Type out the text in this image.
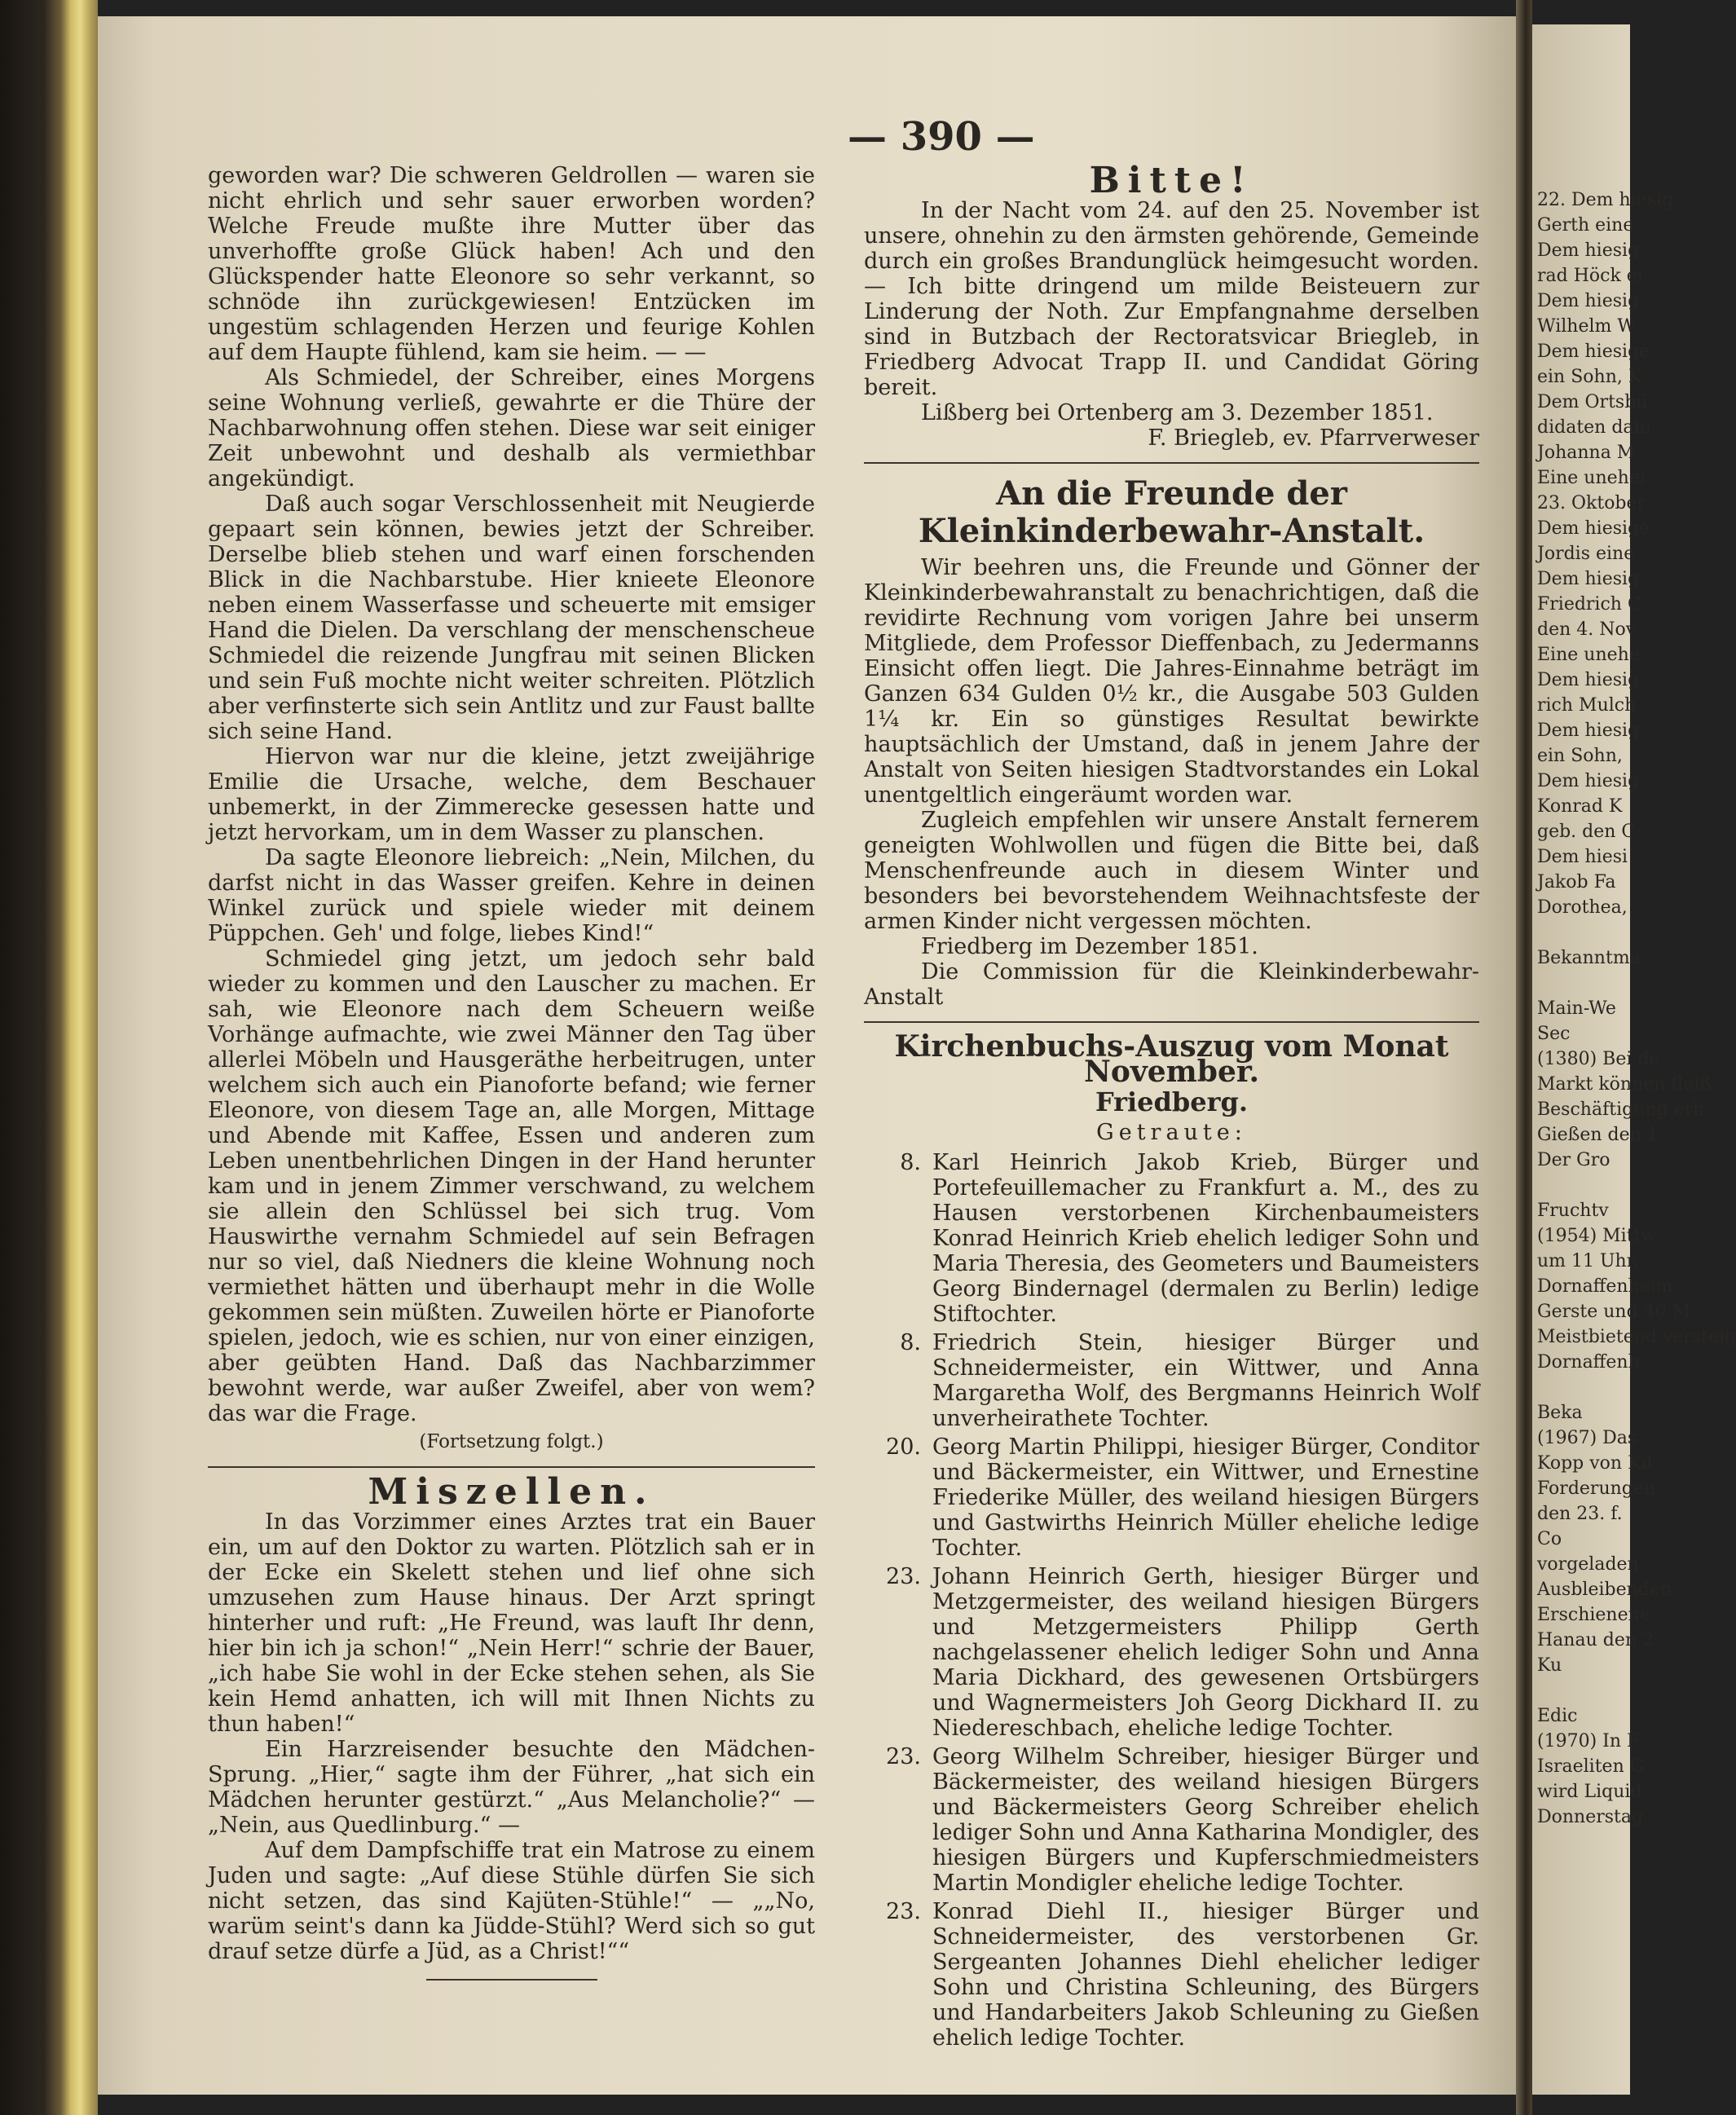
22. Dem hiesig
Gerth eine
Dem hiesig
rad Höck ei
Dem hiesig
Wilhelm W
Dem hiesige
ein Sohn, K
Dem Ortsbü
didaten dahi
Johanna M
Eine unehel
23. Oktober
Dem hiesige
Jordis eine
Dem hiesig
Friedrich C
den 4. Nov
Eine unehe
Dem hiesig
rich Mulch
Dem hiesig
ein Sohn,
Dem hiesig
Konrad K
geb. den C
Dem hiesi
Jakob Fa
Dorothea,
Bekanntma
Main-We
Sec
(1380) Bei de
Markt können fleiß
Beschäftigung erh
Gießen den 1
Der Gro
Fruchtv
(1954) Mittw
um 11 Uhr,
Dornaffenheim
Gerste und 40 M
Meistbietend versteig
Dornaffenh
Beka
(1967) Das
Kopp von Kil
Forderungen
den 23. f.
Co
vorgeladen
Ausbleibenden
Erschienene
Hanau den 2
Ku
Edic
(1970) In F
Israeliten G
wird Liquid
Donnerstag
— 390 —

geworden war? Die schweren Geldrollen — waren sie nicht ehrlich und sehr sauer erworben worden? Welche Freude mußte ihre Mutter über das unverhoffte große Glück haben! Ach und den Glückspender hatte Eleonore so sehr verkannt, so schnöde ihn zurückgewiesen! Entzücken im ungestüm schlagenden Herzen und feurige Kohlen auf dem Haupte fühlend, kam sie heim. — —

Als Schmiedel, der Schreiber, eines Morgens seine Wohnung verließ, gewahrte er die Thüre der Nachbarwohnung offen stehen. Diese war seit einiger Zeit unbewohnt und deshalb als vermiethbar angekündigt.

Daß auch sogar Verschlossenheit mit Neugierde gepaart sein können, bewies jetzt der Schreiber. Derselbe blieb stehen und warf einen forschenden Blick in die Nachbarstube. Hier knieete Eleonore neben einem Wasserfasse und scheuerte mit emsiger Hand die Dielen. Da verschlang der menschenscheue Schmiedel die reizende Jungfrau mit seinen Blicken und sein Fuß mochte nicht weiter schreiten. Plötzlich aber verfinsterte sich sein Antlitz und zur Faust ballte sich seine Hand.

Hiervon war nur die kleine, jetzt zweijährige Emilie die Ursache, welche, dem Beschauer unbemerkt, in der Zimmerecke gesessen hatte und jetzt hervorkam, um in dem Wasser zu planschen.

Da sagte Eleonore liebreich: „Nein, Milchen, du darfst nicht in das Wasser greifen. Kehre in deinen Winkel zurück und spiele wieder mit deinem Püppchen. Geh' und folge, liebes Kind!“

Schmiedel ging jetzt, um jedoch sehr bald wieder zu kommen und den Lauscher zu machen. Er sah, wie Eleonore nach dem Scheuern weiße Vorhänge aufmachte, wie zwei Männer den Tag über allerlei Möbeln und Hausgeräthe herbeitrugen, unter welchem sich auch ein Pianoforte befand; wie ferner Eleonore, von diesem Tage an, alle Morgen, Mittage und Abende mit Kaffee, Essen und anderen zum Leben unentbehrlichen Dingen in der Hand herunter kam und in jenem Zimmer verschwand, zu welchem sie allein den Schlüssel bei sich trug. Vom Hauswirthe vernahm Schmiedel auf sein Befragen nur so viel, daß Niedners die kleine Wohnung noch vermiethet hätten und überhaupt mehr in die Wolle gekommen sein müßten. Zuweilen hörte er Pianoforte spielen, jedoch, wie es schien, nur von einer einzigen, aber geübten Hand. Daß das Nachbarzimmer bewohnt werde, war außer Zweifel, aber von wem? das war die Frage.

(Fortsetzung folgt.)
Miszellen.

In das Vorzimmer eines Arztes trat ein Bauer ein, um auf den Doktor zu warten. Plötzlich sah er in der Ecke ein Skelett stehen und lief ohne sich umzusehen zum Hause hinaus. Der Arzt springt hinterher und ruft: „He Freund, was lauft Ihr denn, hier bin ich ja schon!“ „Nein Herr!“ schrie der Bauer, „ich habe Sie wohl in der Ecke stehen sehen, als Sie kein Hemd anhatten, ich will mit Ihnen Nichts zu thun haben!“

Ein Harzreisender besuchte den Mädchen-Sprung. „Hier,“ sagte ihm der Führer, „hat sich ein Mädchen herunter gestürzt.“ „Aus Melancholie?“ — „Nein, aus Quedlinburg.“ —

Auf dem Dampfschiffe trat ein Matrose zu einem Juden und sagte: „Auf diese Stühle dürfen Sie sich nicht setzen, das sind Kajüten-Stühle!“ — „„No, warüm seint's dann ka Jüdde-Stühl? Werd sich so gut drauf setze dürfe a Jüd, as a Christ!““

Bitte!

In der Nacht vom 24. auf den 25. November ist unsere, ohnehin zu den ärmsten gehörende, Gemeinde durch ein großes Brandunglück heimgesucht worden. — Ich bitte dringend um milde Beisteuern zur Linderung der Noth. Zur Empfangnahme derselben sind in Butzbach der Rectoratsvicar Briegleb, in Friedberg Advocat Trapp II. und Candidat Göring bereit.

Lißberg bei Ortenberg am 3. Dezember 1851.

F. Briegleb, ev. Pfarrverweser

An die Freunde der Kleinkinderbewahr-Anstalt.

Wir beehren uns, die Freunde und Gönner der Kleinkinderbewahranstalt zu benachrichtigen, daß die revidirte Rechnung vom vorigen Jahre bei unserm Mitgliede, dem Professor Dieffenbach, zu Jedermanns Einsicht offen liegt. Die Jahres-Einnahme beträgt im Ganzen 634 Gulden 0½ kr., die Ausgabe 503 Gulden 1¼ kr. Ein so günstiges Resultat bewirkte hauptsächlich der Umstand, daß in jenem Jahre der Anstalt von Seiten hiesigen Stadtvorstandes ein Lokal unentgeltlich eingeräumt worden war.

Zugleich empfehlen wir unsere Anstalt fernerem geneigten Wohlwollen und fügen die Bitte bei, daß Menschenfreunde auch in diesem Winter und besonders bei bevorstehendem Weihnachtsfeste der armen Kinder nicht vergessen möchten.

Friedberg im Dezember 1851.

Die Commission für die Kleinkinderbewahr-Anstalt

Kirchenbuchs-Auszug vom Monat November.
Friedberg.
Getraute:
8. Karl Heinrich Jakob Krieb, Bürger und Portefeuillemacher zu Frankfurt a. M., des zu Hausen verstorbenen Kirchenbaumeisters Konrad Heinrich Krieb ehelich lediger Sohn und Maria Theresia, des Geometers und Baumeisters Georg Bindernagel (dermalen zu Berlin) ledige Stiftochter.
8. Friedrich Stein, hiesiger Bürger und Schneidermeister, ein Wittwer, und Anna Margaretha Wolf, des Bergmanns Heinrich Wolf unverheirathete Tochter.
20. Georg Martin Philippi, hiesiger Bürger, Conditor und Bäckermeister, ein Wittwer, und Ernestine Friederike Müller, des weiland hiesigen Bürgers und Gastwirths Heinrich Müller eheliche ledige Tochter.
23. Johann Heinrich Gerth, hiesiger Bürger und Metzgermeister, des weiland hiesigen Bürgers und Metzgermeisters Philipp Gerth nachgelassener ehelich lediger Sohn und Anna Maria Dickhard, des gewesenen Ortsbürgers und Wagnermeisters Joh Georg Dickhard II. zu Niedereschbach, eheliche ledige Tochter.
23. Georg Wilhelm Schreiber, hiesiger Bürger und Bäckermeister, des weiland hiesigen Bürgers und Bäckermeisters Georg Schreiber ehelich lediger Sohn und Anna Katharina Mondigler, des hiesigen Bürgers und Kupferschmiedmeisters Martin Mondigler eheliche ledige Tochter.
23. Konrad Diehl II., hiesiger Bürger und Schneidermeister, des verstorbenen Gr. Sergeanten Johannes Diehl ehelicher lediger Sohn und Christina Schleuning, des Bürgers und Handarbeiters Jakob Schleuning zu Gießen ehelich ledige Tochter.
